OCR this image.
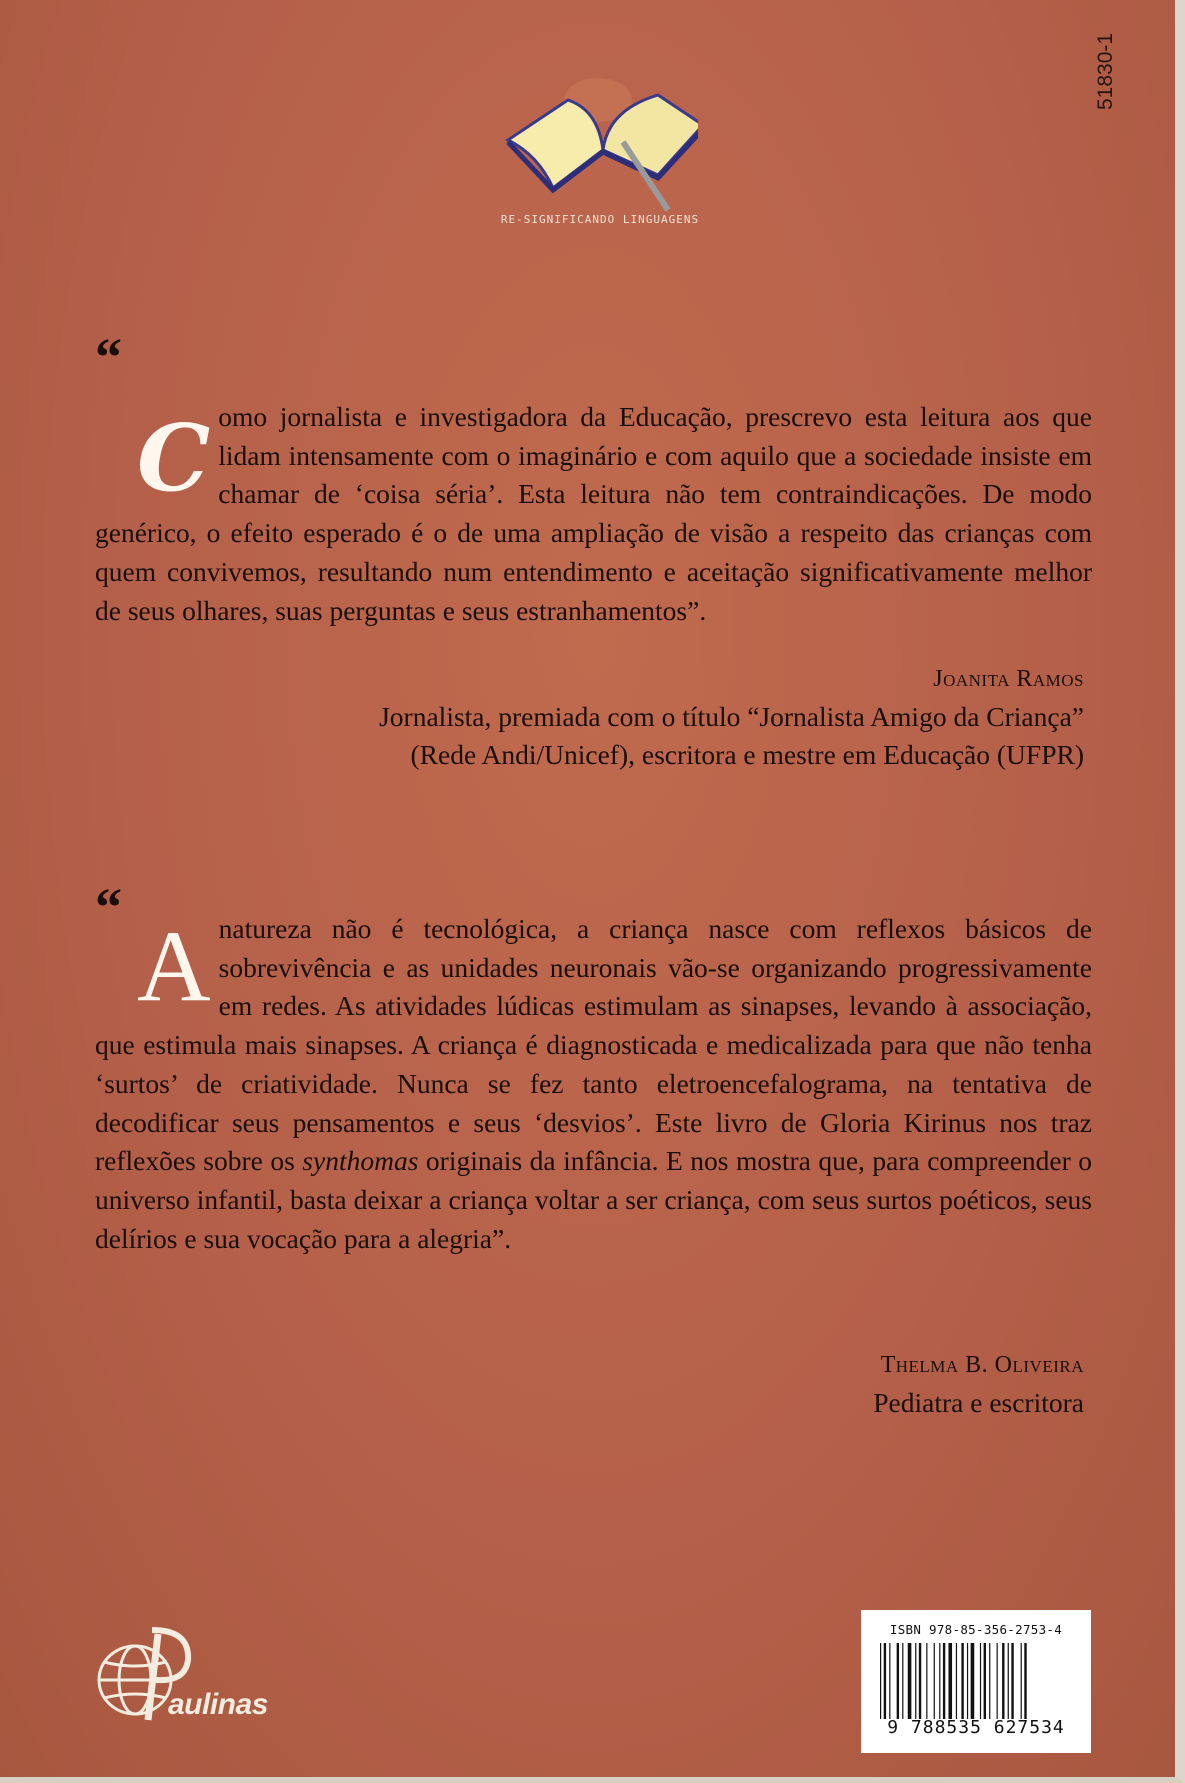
RE-SIGNIFICANDO LINGUAGENS
51830-1
“
C omo jornalista e investigadora da Educação, prescrevo esta leitura aos que lidam intensamente com o imaginário e com aquilo que a sociedade insiste em chamar de ‘coisa séria’. Esta leitura não tem contraindicações. De modo genérico, o efeito esperado é o de uma ampliação de visão a respeito das crianças com quem convivemos, resultando num entendimento e aceitação significativamente melhor de seus olhares, suas perguntas e seus estranhamentos”.

Joanita Ramos

Jornalista, premiada com o título “Jornalista Amigo da Criança”
(Rede Andi/Unicef), escritora e mestre em Educação (UFPR)
“
A natureza não é tecnológica, a criança nasce com reflexos básicos de sobrevivência e as unidades neuronais vão-se organizando progressivamente em redes. As atividades lúdicas estimulam as sinapses, levando à associação, que estimula mais sinapses. A criança é diagnosticada e medicalizada para que não tenha ‘surtos’ de criatividade. Nunca se fez tanto eletroencefalograma, na tentativa de decodificar seus pensamentos e seus ‘desvios’. Este livro de Gloria Kirinus nos traz reflexões sobre os synthomas originais da infância. E nos mostra que, para compreender o universo infantil, basta deixar a criança voltar a ser criança, com seus surtos poéticos, seus delírios e sua vocação para a alegria”.

Thelma B. Oliveira
Pediatra e escritora
aulinas
ISBN 978-85-356-2753-4
9 788535 627534
